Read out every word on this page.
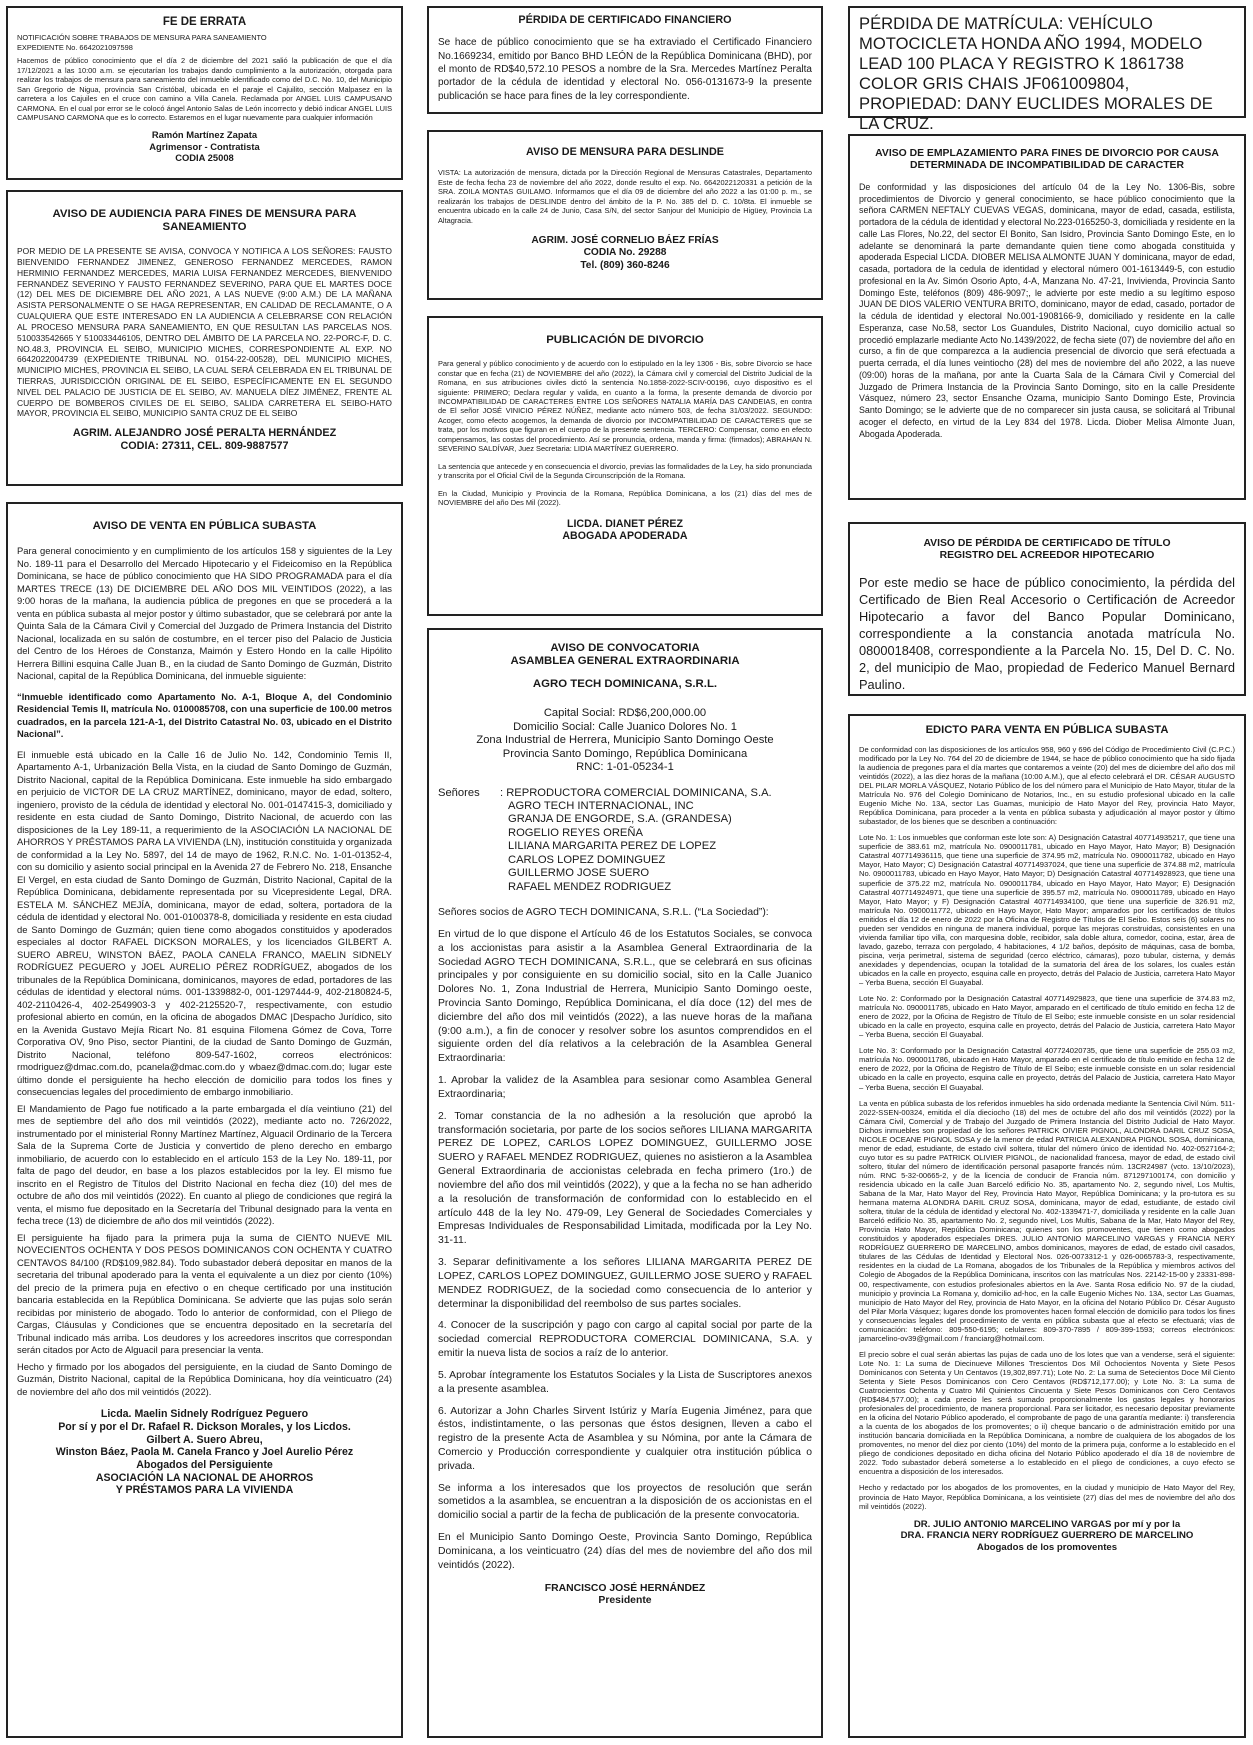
FE DE ERRATA
NOTIFICACIÓN SOBRE TRABAJOS DE MENSURA PARA SANEAMIENTO
EXPEDIENTE No. 6642021097598
Hacemos de público conocimiento que el día 2 de diciembre del 2021 salió la publicación de que el día 17/12/2021 a las 10:00 a.m. se ejecutarían los trabajos dando cumplimiento a la autorización, otorgada para realizar los trabajos de mensura para saneamiento del inmueble identificado como del D.C. No. 10, del Municipio San Gregorio de Nigua, provincia San Cristóbal, ubicada en el paraje el Cajuilito, sección Malpasez en la carretera a los Cajuiles en el cruce con camino a Villa Canela. Reclamada por ANGEL LUIS CAMPUSANO CARMONA. En el cual por error se le colocó ángel Antonio Salas de León incorrecto y debió indicar ANGEL LUIS CAMPUSANO CARMONA que es lo correcto. Estaremos en el lugar nuevamente para cualquier información
Ramón Martínez Zapata
Agrimensor - Contratista
CODIA 25008
AVISO DE AUDIENCIA PARA FINES DE MENSURA PARA SANEAMIENTO
POR MEDIO DE LA PRESENTE SE AVISA, CONVOCA Y NOTIFICA A LOS SEÑORES: FAUSTO BIENVENIDO FERNANDEZ JIMENEZ, GENEROSO FERNANDEZ MERCEDES, RAMON HERMINIO FERNANDEZ MERCEDES, MARIA LUISA FERNANDEZ MERCEDES, BIENVENIDO FERNANDEZ SEVERINO Y FAUSTO FERNANDEZ SEVERINO, PARA QUE EL MARTES DOCE (12) DEL MES DE DICIEMBRE DEL AÑO 2021, A LAS NUEVE (9:00 A.M.) DE LA MAÑANA ASISTA PERSONALMENTE O SE HAGA REPRESENTAR, EN CALIDAD DE RECLAMANTE, O A CUALQUIERA QUE ESTE INTERESADO EN LA AUDIENCIA A CELEBRARSE CON RELACIÓN AL PROCESO MENSURA PARA SANEAMIENTO, EN QUE RESULTAN LAS PARCELAS NOS. 510033542665 Y 510033446105, DENTRO DEL ÁMBITO DE LA PARCELA NO. 22-PORC-F, D. C. NO.48.3, PROVINCIA EL SEIBO, MUNICIPIO MICHES, CORRESPONDIENTE AL EXP. NO 6642022004739 (EXPEDIENTE TRIBUNAL NO. 0154-22-00528), DEL MUNICIPIO MICHES, MUNICIPIO MICHES, PROVINCIA EL SEIBO, LA CUAL SERÁ CELEBRADA EN EL TRIBUNAL DE TIERRAS, JURISDICCIÓN ORIGINAL DE EL SEIBO, ESPECÍFICAMENTE EN EL SEGUNDO NIVEL DEL PALACIO DE JUSTICIA DE EL SEIBO, AV. MANUELA DÍEZ JIMÉNEZ, FRENTE AL CUERPO DE BOMBEROS CIVILES DE EL SEIBO, SALIDA CARRETERA EL SEIBO-HATO MAYOR, PROVINCIA EL SEIBO, MUNICIPIO SANTA CRUZ DE EL SEIBO
AGRIM. ALEJANDRO JOSÉ PERALTA HERNÁNDEZ
CODIA: 27311, CEL. 809-9887577
AVISO DE VENTA EN PÚBLICA SUBASTA

Para general conocimiento y en cumplimiento de los artículos 158 y siguientes de la Ley No. 189-11 para el Desarrollo del Mercado Hipotecario y el Fideicomiso en la República Dominicana, se hace de público conocimiento que HA SIDO PROGRAMADA para el día MARTES TRECE (13) DE DICIEMBRE DEL AÑO DOS MIL VEINTIDOS (2022), a las 9:00 horas de la mañana, la audiencia pública de pregones en que se procederá a la venta en pública subasta al mejor postor y último subastador, que se celebrará por ante la Quinta Sala de la Cámara Civil y Comercial del Juzgado de Primera Instancia del Distrito Nacional, localizada en su salón de costumbre, en el tercer piso del Palacio de Justicia del Centro de los Héroes de Constanza, Maimón y Estero Hondo en la calle Hipólito Herrera Billini esquina Calle Juan B., en la ciudad de Santo Domingo de Guzmán, Distrito Nacional, capital de la República Dominicana, del inmueble siguiente:

“Inmueble identificado como Apartamento No. A-1, Bloque A, del Condominio Residencial Temis II, matrícula No. 0100085708, con una superficie de 100.00 metros cuadrados, en la parcela 121-A-1, del Distrito Catastral No. 03, ubicado en el Distrito Nacional”.

El inmueble está ubicado en la Calle 16 de Julio No. 142, Condominio Temis II, Apartamento A-1, Urbanización Bella Vista, en la ciudad de Santo Domingo de Guzmán, Distrito Nacional, capital de la República Dominicana. Este inmueble ha sido embargado en perjuicio de VICTOR DE LA CRUZ MARTÍNEZ, dominicano, mayor de edad, soltero, ingeniero, provisto de la cédula de identidad y electoral No. 001-0147415-3, domiciliado y residente en esta ciudad de Santo Domingo, Distrito Nacional, de acuerdo con las disposiciones de la Ley 189-11, a requerimiento de la ASOCIACIÓN LA NACIONAL DE AHORROS Y PRÉSTAMOS PARA LA VIVIENDA (LN), institución constituida y organizada de conformidad a la Ley No. 5897, del 14 de mayo de 1962, R.N.C. No. 1-01-01352-4, con su domicilio y asiento social principal en la Avenida 27 de Febrero No. 218, Ensanche El Vergel, en esta ciudad de Santo Domingo de Guzmán, Distrito Nacional, Capital de la República Dominicana, debidamente representada por su Vicepresidente Legal, DRA. ESTELA M. SÁNCHEZ MEJÍA, dominicana, mayor de edad, soltera, portadora de la cédula de identidad y electoral No. 001-0100378-8, domiciliada y residente en esta ciudad de Santo Domingo de Guzmán; quien tiene como abogados constituidos y apoderados especiales al doctor RAFAEL DICKSON MORALES, y los licenciados GILBERT A. SUERO ABREU, WINSTON BÁEZ, PAOLA CANELA FRANCO, MAELIN SIDNELY RODRÍGUEZ PEGUERO y JOEL AURELIO PÉREZ RODRÍGUEZ, abogados de los tribunales de la República Dominicana, dominicanos, mayores de edad, portadores de las cédulas de identidad y electoral núms. 001-1339882-0, 001-1297444-9, 402-2180824-5, 402-2110426-4, 402-2549903-3 y 402-2125520-7, respectivamente, con estudio profesional abierto en común, en la oficina de abogados DMAC |Despacho Jurídico, sito en la Avenida Gustavo Mejía Ricart No. 81 esquina Filomena Gómez de Cova, Torre Corporativa OV, 9no Piso, sector Piantini, de la ciudad de Santo Domingo de Guzmán, Distrito Nacional, teléfono 809-547-1602, correos electrónicos: rmodriguez@dmac.com.do, pcanela@dmac.com.do y wbaez@dmac.com.do; lugar este último donde el persiguiente ha hecho elección de domicilio para todos los fines y consecuencias legales del procedimiento de embargo inmobiliario.

El Mandamiento de Pago fue notificado a la parte embargada el día veintiuno (21) del mes de septiembre del año dos mil veintidós (2022), mediante acto no. 726/2022, instrumentado por el ministerial Ronny Martínez Martínez, Alguacil Ordinario de la Tercera Sala de la Suprema Corte de Justicia y convertido de pleno derecho en embargo inmobiliario, de acuerdo con lo establecido en el artículo 153 de la Ley No. 189-11, por falta de pago del deudor, en base a los plazos establecidos por la ley. El mismo fue inscrito en el Registro de Títulos del Distrito Nacional en fecha diez (10) del mes de octubre de año dos mil veintidós (2022). En cuanto al pliego de condiciones que regirá la venta, el mismo fue depositado en la Secretaría del Tribunal designado para la venta en fecha trece (13) de diciembre de año dos mil veintidós (2022).

El persiguiente ha fijado para la primera puja la suma de CIENTO NUEVE MIL NOVECIENTOS OCHENTA Y DOS PESOS DOMINICANOS CON OCHENTA Y CUATRO CENTAVOS 84/100 (RD$109,982.84). Todo subastador deberá depositar en manos de la secretaria del tribunal apoderado para la venta el equivalente a un diez por ciento (10%) del precio de la primera puja en efectivo o en cheque certificado por una institución bancaria establecida en la República Dominicana. Se advierte que las pujas solo serán recibidas por ministerio de abogado. Todo lo anterior de conformidad, con el Pliego de Cargas, Cláusulas y Condiciones que se encuentra depositado en la secretaría del Tribunal indicado más arriba. Los deudores y los acreedores inscritos que correspondan serán citados por Acto de Alguacil para presenciar la venta.

Hecho y firmado por los abogados del persiguiente, en la ciudad de Santo Domingo de Guzmán, Distrito Nacional, capital de la República Dominicana, hoy día veinticuatro (24) de noviembre del año dos mil veintidós (2022).

Licda. Maelin Sidnely Rodríguez Peguero
Por sí y por el Dr. Rafael R. Dickson Morales, y los Licdos.
Gilbert A. Suero Abreu,
Winston Báez, Paola M. Canela Franco y Joel Aurelio Pérez
Abogados del Persiguiente
ASOCIACIÓN LA NACIONAL DE AHORROS
Y PRÉSTAMOS PARA LA VIVIENDA
PÉRDIDA DE CERTIFICADO FINANCIERO
Se hace de público conocimiento que se ha extraviado el Certificado Financiero No.1669234, emitido por Banco BHD LEÓN de la República Dominicana (BHD), por el monto de RD$40,572.10 PESOS a nombre de la Sra. Mercedes Martínez Peralta portador de la cédula de identidad y electoral No. 056-0131673-9 la presente publicación se hace para fines de la ley correspondiente.
AVISO DE MENSURA PARA DESLINDE
VISTA: La autorización de mensura, dictada por la Dirección Regional de Mensuras Catastrales, Departamento Este de fecha fecha 23 de noviembre del año 2022, donde resulto el exp. No. 6642022120331 a petición de la SRA. ZOILA MONTAS GUILAMO. Informamos que el día 09 de diciembre del año 2022 a las 01:00 p. m., se realizarán los trabajos de DESLINDE dentro del ámbito de la P. No. 385 del D. C. 10/8ta. El inmueble se encuentra ubicado en la calle 24 de Junio, Casa S/N, del sector Sanjour del Municipio de Higüey, Provincia La Altagracia.
AGRIM. JOSÉ CORNELIO BÁEZ FRÍAS
CODIA No. 29288
Tel. (809) 360-8246
PUBLICACIÓN DE DIVORCIO

Para general y público conocimiento y de acuerdo con lo estipulado en la ley 1306 - Bis, sobre Divorcio se hace constar que en fecha (21) de NOVIEMBRE del año (2022), la Cámara civil y comercial del Distrito Judicial de la Romana, en sus atribuciones civiles dictó la sentencia No.1858-2022-SCIV-00196, cuyo dispositivo es el siguiente: PRIMERO; Declara regular y valida, en cuanto a la forma, la presente demanda de divorcio por INCOMPATIBILIDAD DE CARACTERES ENTRE LOS SEÑORES NATALIA MARÍA DAS CANDEIAS, en contra de El señor JOSÉ VINICIO PÉREZ NÚÑEZ, mediante acto número 503, de fecha 31/03/2022. SEGUNDO: Acoger, como efecto acogemos, la demanda de divorcio por INCOMPATIBILIDAD DE CARACTERES que se trata, por los motivos que figuran en el cuerpo de la presente sentencia. TERCERO: Compensar, como en efecto compensamos, las costas del procedimiento. Así se pronuncia, ordena, manda y firma: (firmados); ABRAHAN N. SEVERINO SALDÍVAR, Juez Secretaria: LIDIA MARTÍNEZ GUERRERO.

La sentencia que antecede y en consecuencia el divorcio, previas las formalidades de la Ley, ha sido pronunciada y transcrita por el Oficial Civil de la Segunda Circunscripción de la Romana.

En la Ciudad, Municipio y Provincia de la Romana, República Dominicana, a los (21) días del mes de NOVIEMBRE del año Des Mil (2022).

LICDA. DIANET PÉREZ
ABOGADA APODERADA
AVISO DE CONVOCATORIA
ASAMBLEA GENERAL EXTRAORDINARIA
AGRO TECH DOMINICANA, S.R.L.
Capital Social: RD$6,200,000.00
Domicilio Social: Calle Juanico Dolores No. 1
Zona Industrial de Herrera, Municipio Santo Domingo Oeste
Provincia Santo Domingo, República Dominicana
RNC: 1-01-05234-1
Señores	: REPRODUCTORA COMERCIAL DOMINICANA, S.A.
AGRO TECH INTERNACIONAL, INC
GRANJA DE ENGORDE, S.A. (GRANDESA)
ROGELIO REYES OREÑA
LILIANA MARGARITA PEREZ DE LOPEZ
CARLOS LOPEZ DOMINGUEZ
GUILLERMO JOSE SUERO
RAFAEL MENDEZ RODRIGUEZ

Señores socios de AGRO TECH DOMINICANA, S.R.L. (“La Sociedad”):

En virtud de lo que dispone el Artículo 46 de los Estatutos Sociales, se convoca a los accionistas para asistir a la Asamblea General Extraordinaria de la Sociedad AGRO TECH DOMINICANA, S.R.L., que se celebrará en sus oficinas principales y por consiguiente en su domicilio social, sito en la Calle Juanico Dolores No. 1, Zona Industrial de Herrera, Municipio Santo Domingo oeste, Provincia Santo Domingo, República Dominicana, el día doce (12) del mes de diciembre del año dos mil veintidós (2022), a las nueve horas de la mañana (9:00 a.m.), a fin de conocer y resolver sobre los asuntos comprendidos en el siguiente orden del día relativos a la celebración de la Asamblea General Extraordinaria:

1. Aprobar la validez de la Asamblea para sesionar como Asamblea General Extraordinaria;

2. Tomar constancia de la no adhesión a la resolución que aprobó la transformación societaria, por parte de los socios señores LILIANA MARGARITA PEREZ DE LOPEZ, CARLOS LOPEZ DOMINGUEZ, GUILLERMO JOSE SUERO y RAFAEL MENDEZ RODRIGUEZ, quienes no asistieron a la Asamblea General Extraordinaria de accionistas celebrada en fecha primero (1ro.) de noviembre del año dos mil veintidós (2022), y que a la fecha no se han adherido a la resolución de transformación de conformidad con lo establecido en el artículo 448 de la ley No. 479-09, Ley General de Sociedades Comerciales y Empresas Individuales de Responsabilidad Limitada, modificada por la Ley No. 31-11.

3. Separar definitivamente a los señores LILIANA MARGARITA PEREZ DE LOPEZ, CARLOS LOPEZ DOMINGUEZ, GUILLERMO JOSE SUERO y RAFAEL MENDEZ RODRIGUEZ, de la sociedad como consecuencia de lo anterior y determinar la disponibilidad del reembolso de sus partes sociales.

4. Conocer de la suscripción y pago con cargo al capital social por parte de la sociedad comercial REPRODUCTORA COMERCIAL DOMINICANA, S.A. y emitir la nueva lista de socios a raíz de lo anterior.

5. Aprobar íntegramente los Estatutos Sociales y la Lista de Suscriptores anexos a la presente asamblea.

6. Autorizar a John Charles Sirvent Istúriz y María Eugenia Jiménez, para que éstos, indistintamente, o las personas que éstos designen, lleven a cabo el registro de la presente Acta de Asamblea y su Nómina, por ante la Cámara de Comercio y Producción correspondiente y cualquier otra institución pública o privada.

Se informa a los interesados que los proyectos de resolución que serán sometidos a la asamblea, se encuentran a la disposición de os accionistas en el domicilio social a partir de la fecha de publicación de la presente convocatoria.

En el Municipio Santo Domingo Oeste, Provincia Santo Domingo, República Dominicana, a los veinticuatro (24) días del mes de noviembre del año dos mil veintidós (2022).

FRANCISCO JOSÉ HERNÁNDEZ
Presidente
PÉRDIDA DE MATRÍCULA: VEHÍCULO MOTOCICLETA HONDA AÑO 1994, MODELO LEAD 100 PLACA Y REGISTRO K 1861738 COLOR GRIS CHAIS JF061009804, PROPIEDAD: DANY EUCLIDES MORALES DE LA CRUZ.
AVISO DE EMPLAZAMIENTO PARA FINES DE DIVORCIO POR CAUSA DETERMINADA DE INCOMPATIBILIDAD DE CARACTER
De conformidad y las disposiciones del artículo 04 de la Ley No. 1306-Bis, sobre procedimientos de Divorcio y general conocimiento, se hace público conocimiento que la señora CARMEN NEFTALY CUEVAS VEGAS, dominicana, mayor de edad, casada, estilista, portadora de la cédula de identidad y electoral No.223-0165250-3, domiciliada y residente en la calle Las Flores, No.22, del sector El Bonito, San Isidro, Provincia Santo Domingo Este, en lo adelante se denominará la parte demandante quien tiene como abogada constituida y apoderada Especial LICDA. DIOBER MELISA ALMONTE JUAN Y dominicana, mayor de edad, casada, portadora de la cedula de identidad y electoral número 001-1613449-5, con estudio profesional en la Av. Simón Osorio Apto, 4-A, Manzana No. 47-21, Invivienda, Provincia Santo Domingo Este, teléfonos (809) 486-9097;, le advierte por este medio a su legítimo esposo JUAN DE DIOS VALERIO VENTURA BRITO, dominicano, mayor de edad, casado, portador de la cédula de identidad y electoral No.001-1908166-9, domiciliado y residente en la calle Esperanza, case No.58, sector Los Guandules, Distrito Nacional, cuyo domicilio actual so procedió emplazarle mediante Acto No.1439/2022, de fecha siete (07) de noviembre del año en curso, a fin de que comparezca a la audiencia presencial de divorcio que será efectuada a puerta cerrada, el día lunes veintiocho (28) del mes de noviembre del año 2022, a las nueve (09:00) horas de la mañana, por ante la Cuarta Sala de la Cámara Civil y Comercial del Juzgado de Primera Instancia de la Provincia Santo Domingo, sito en la calle Presidente Vásquez, número 23, sector Ensanche Ozama, municipio Santo Domingo Este, Provincia Santo Domingo; se le advierte que de no comparecer sin justa causa, se solicitará al Tribunal acoger el defecto, en virtud de la Ley 834 del 1978. Licda. Diober Melisa Almonte Juan, Abogada Apoderada.
AVISO DE PÉRDIDA DE CERTIFICADO DE TÍTULO
REGISTRO DEL ACREEDOR HIPOTECARIO
Por este medio se hace de público conocimiento, la pérdida del Certificado de Bien Real Accesorio o Certificación de Acreedor Hipotecario a favor del Banco Popular Dominicano, correspondiente a la constancia anotada matrícula No. 0800018408, correspondiente a la Parcela No. 15, Del D. C. No. 2, del municipio de Mao, propiedad de Federico Manuel Bernard Paulino.
EDICTO PARA VENTA EN PÚBLICA SUBASTA

De conformidad con las disposiciones de los artículos 958, 960 y 696 del Código de Procedimiento Civil (C.P.C.) modificado por la Ley No. 764 del 20 de diciembre de 1944, se hace de público conocimiento que ha sido fijada la audiencia de pregones para el día martes que contaremos a veinte (20) del mes de diciembre del año dos mil veintidós (2022), a las diez horas de la mañana (10:00 A.M.), que al efecto celebrará el DR. CÉSAR AUGUSTO DEL PILAR MORLA VÁSQUEZ, Notario Público de los del número para el Municipio de Hato Mayor, titular de la Matrícula No. 976 del Colegio Dominicano de Notarios, Inc., en su estudio profesional ubicado en la calle Eugenio Miche No. 13A, sector Las Guamas, municipio de Hato Mayor del Rey, provincia Hato Mayor, República Dominicana, para proceder a la venta en pública subasta y adjudicación al mayor postor y último subastador, de los bienes que se describen a continuación:

Lote No. 1: Los inmuebles que conforman este lote son: A) Designación Catastral 407714935217, que tiene una superficie de 383.61 m2, matrícula No. 0900011781, ubicado en Hayo Mayor, Hato Mayor; B) Designación Catastral 407714936115, que tiene una superficie de 374.95 m2, matrícula No. 0900011782, ubicado en Hayo Mayor, Hato Mayor; C) Designación Catastral 407714937024, que tiene una superficie de 374.88 m2, matrícula No. 0900011783, ubicado en Hayo Mayor, Hato Mayor; D) Designación Catastral 407714928923, que tiene una superficie de 375.22 m2, matrícula No. 0900011784, ubicado en Hayo Mayor, Hato Mayor; E) Designación Catastral 407714924971, que tiene una superficie de 395.57 m2, matrícula No. 0900011789, ubicado en Hayo Mayor, Hato Mayor; y F) Designación Catastral 407714934100, que tiene una superficie de 326.91 m2, matrícula No. 0900011772, ubicado en Hayo Mayor, Hato Mayor; amparados por los certificados de títulos emitidos el día 12 de enero de 2022 por la Oficina de Registro de Títulos de El Seibo. Estos seis (6) solares no pueden ser vendidos en ninguna de manera individual, porque las mejoras construidas, consistentes en una vivienda familiar tipo villa, con marquesina doble, recibidor, sala doble altura, comedor, cocina, estar, área de lavado, gazebo, terraza con pergolado, 4 habitaciones, 4 1/2 baños, depósito de máquinas, casa de bomba, piscina, verja perimetral, sistema de seguridad (cerco eléctrico, cámaras), pozo tubular, cisterna, y demás anexidades y dependencias, ocupan la totalidad de la sumatoria del área de los solares, los cuales están ubicados en la calle en proyecto, esquina calle en proyecto, detrás del Palacio de Justicia, carretera Hato Mayor – Yerba Buena, sección El Guayabal.

Lote No. 2: Conformado por la Designación Catastral 407714929823, que tiene una superficie de 374.83 m2, matrícula No. 0900011785, ubicado en Hato Mayor, amparado en el certificado de título emitido en fecha 12 de enero de 2022, por la Oficina de Registro de Título de El Seibo; este inmueble consiste en un solar residencial ubicado en la calle en proyecto, esquina calle en proyecto, detrás del Palacio de Justicia, carretera Hato Mayor – Yerba Buena, sección El Guayabal.

Lote No. 3: Conformado por la Designación Catastral 407724020735, que tiene una superficie de 255.03 m2, matrícula No. 0900011786, ubicado en Hato Mayor, amparado en el certificado de título emitido en fecha 12 de enero de 2022, por la Oficina de Registro de Título de El Seibo; este inmueble consiste en un solar residencial ubicado en la calle en proyecto, esquina calle en proyecto, detrás del Palacio de Justicia, carretera Hato Mayor – Yerba Buena, sección El Guayabal.

La venta en pública subasta de los referidos inmuebles ha sido ordenada mediante la Sentencia Civil Núm. 511-2022-SSEN-00324, emitida el día dieciocho (18) del mes de octubre del año dos mil veintidós (2022) por la Cámara Civil, Comercial y de Trabajo del Juzgado de Primera Instancia del Distrito Judicial de Hato Mayor. Dichos inmuebles son propiedad de los señores PATRICK OIVIER PIGNOL, ALONDRA DARIL CRUZ SOSA, NICOLE OCEANE PIGNOL SOSA y de la menor de edad PATRICIA ALEXANDRA PIGNOL SOSA, dominicana, menor de edad, estudiante, de estado civil soltera, titular del número único de identidad No. 402-0527164-2; cuyo tutor es su padre PATRICK OLIVIER PIGNOL, de nacionalidad francesa, mayor de edad, de estado civil soltero, titular del número de identificación personal pasaporte francés núm. 13CR24987 (vcto. 13/10/2023), núm. RNC 5-32-00665-2, y de la licencia de conducir de Francia núm. 871297100174, con domicilio y residencia ubicado en la calle Juan Barceló edificio No. 35, apartamento No. 2, segundo nivel, Los Multis, Sabana de la Mar, Hato Mayor del Rey, Provincia Hato Mayor, República Dominicana; y la pro-tutora es su hermana materna ALONDRA DARIL CRUZ SOSA, dominicana, mayor de edad, estudiante, de estado civil soltera, titular de la cédula de identidad y electoral No. 402-1339471-7, domiciliada y residente en la calle Juan Barceló edificio No. 35, apartamento No. 2, segundo nivel, Los Multis, Sabana de la Mar, Hato Mayor del Rey, Provincia Hato Mayor, República Dominicana; quienes son los promoventes, que tienen como abogados constituidos y apoderados especiales DRES. JULIO ANTONIO MARCELINO VARGAS y FRANCIA NERY RODRÍGUEZ GUERRERO DE MARCELINO, ambos dominicanos, mayores de edad, de estado civil casados, titulares de las Cédulas de Identidad y Electoral Nos. 026-0073312-1 y 026-0065783-3, respectivamente, residentes en la ciudad de La Romana, abogados de los Tribunales de la República y miembros activos del Colegio de Abogados de la República Dominicana, inscritos con las matrículas Nos. 22142-15-00 y 23331-898-00, respectivamente, con estudios profesionales abiertos en la Ave. Santa Rosa edificio No. 97 de la ciudad, municipio y provincia La Romana y, domicilio ad-hoc, en la calle Eugenio Miches No. 13A, sector Las Guamas, municipio de Hato Mayor del Rey, provincia de Hato Mayor, en la oficina del Notario Público Dr. César Augusto del Pilar Morla Vásquez; lugares donde los promoventes hacen formal elección de domicilio para todos los fines y consecuencias legales del procedimiento de venta en pública subasta que al efecto se efectuará; vías de comunicación: teléfono: 809-550-6195; celulares: 809-370-7895 / 809-399-1593; correos electrónicos: jamarcelino-ov39@gmail.com / franciarg@hotmail.com.

El precio sobre el cual serán abiertas las pujas de cada uno de los lotes que van a venderse, será el siguiente: Lote No. 1: La suma de Diecinueve Millones Trescientos Dos Mil Ochocientos Noventa y Siete Pesos Dominicanos con Setenta y Un Centavos (19,302,897.71); Lote No. 2: La suma de Setecientos Doce Mil Ciento Setenta y Siete Pesos Dominicanos con Cero Centavos (RD$712,177.00); y Lote No. 3: La suma de Cuatrocientos Ochenta y Cuatro Mil Quinientos Cincuenta y Siete Pesos Dominicanos con Cero Centavos (RD$484,577.00); a cada precio les será sumado proporcionalmente los gastos legales y honorarios profesionales del procedimiento, de manera proporcional. Para ser licitador, es necesario depositar previamente en la oficina del Notario Público apoderado, el comprobante de pago de una garantía mediante: i) transferencia a la cuenta de los abogados de los promoventes; o ii) cheque bancario o de administración emitido por una institución bancaria domiciliada en la República Dominicana, a nombre de cualquiera de los abogados de los promoventes, no menor del diez por ciento (10%) del monto de la primera puja, conforme a lo establecido en el pliego de condiciones depositado en dicha oficina del Notario Público apoderado el día 18 de noviembre de 2022. Todo subastador deberá someterse a lo establecido en el pliego de condiciones, a cuyo efecto se encuentra a disposición de los interesados.

Hecho y redactado por los abogados de los promoventes, en la ciudad y municipio de Hato Mayor del Rey, provincia de Hato Mayor, República Dominicana, a los veintisiete (27) días del mes de noviembre del año dos mil veintidós (2022).

DR. JULIO ANTONIO MARCELINO VARGAS por mí y por la
DRA. FRANCIA NERY RODRÍGUEZ GUERRERO DE MARCELINO
Abogados de los promoventes
